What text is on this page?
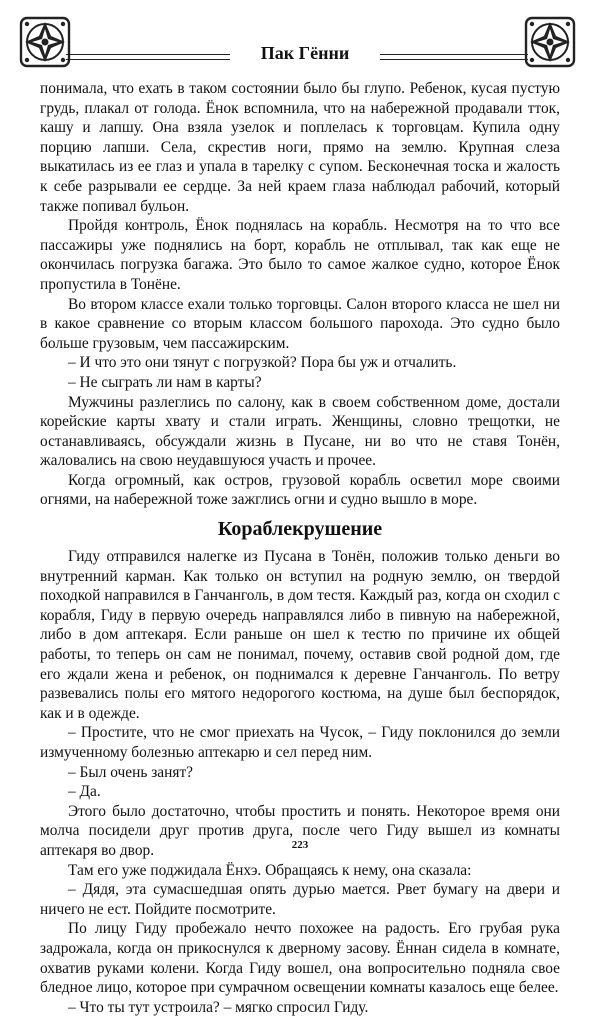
Пак Гённи

понимала, что ехать в таком состоянии было бы глупо. Ребенок, кусая пустую грудь, плакал от голода. Ёнок вспомнила, что на набережной продавали тток, кашу и лапшу. Она взяла узелок и поплелась к торговцам. Купила одну порцию лапши. Села, скрестив ноги, прямо на землю. Крупная слеза выкатилась из ее глаз и упала в тарелку с супом. Бесконечная тоска и жалость к себе разрывали ее сердце. За ней краем глаза наблюдал рабочий, который также попивал бульон.

Пройдя контроль, Ёнок поднялась на корабль. Несмотря на то что все пассажиры уже поднялись на борт, корабль не отплывал, так как еще не окончилась погрузка багажа. Это было то самое жалкое судно, которое Ёнок пропустила в Тонёне.

Во втором классе ехали только торговцы. Салон второго класса не шел ни в какое сравнение со вторым классом большого парохода. Это судно было больше грузовым, чем пассажирским.

– И что это они тянут с погрузкой? Пора бы уж и отчалить.

– Не сыграть ли нам в карты?

Мужчины разлеглись по салону, как в своем собственном доме, достали корейские карты хвату и стали играть. Женщины, словно трещотки, не останавливаясь, обсуждали жизнь в Пусане, ни во что не ставя Тонён, жаловались на свою неудавшуюся участь и прочее.

Когда огромный, как остров, грузовой корабль осветил море своими огнями, на набережной тоже зажглись огни и судно вышло в море.

Кораблекрушение

Гиду отправился налегке из Пусана в Тонён, положив только деньги во внутренний карман. Как только он вступил на родную землю, он твердой походкой направился в Ганчанголь, в дом тестя. Каждый раз, когда он сходил с корабля, Гиду в первую очередь направлялся либо в пивную на набережной, либо в дом аптекаря. Если раньше он шел к тестю по причине их общей работы, то теперь он сам не понимал, почему, оставив свой родной дом, где его ждали жена и ребенок, он поднимался к деревне Ганчанголь. По ветру развевались полы его мятого недорогого костюма, на душе был беспорядок, как и в одежде.

– Простите, что не смог приехать на Чусок, – Гиду поклонился до земли измученному болезнью аптекарю и сел перед ним.

– Был очень занят?

– Да.

Этого было достаточно, чтобы простить и понять. Некоторое время они молча посидели друг против друга, после чего Гиду вышел из комнаты аптекаря во двор.

Там его уже поджидала Ёнхэ. Обращаясь к нему, она сказала:

– Дядя, эта сумасшедшая опять дурью мается. Рвет бумагу на двери и ничего не ест. Пойдите посмотрите.

По лицу Гиду пробежало нечто похожее на радость. Его грубая рука задрожала, когда он прикоснулся к дверному засову. Ённан сидела в комнате, охватив руками колени. Когда Гиду вошел, она вопросительно подняла свое бледное лицо, которое при сумрачном освещении комнаты казалось еще белее.

– Что ты тут устроила? – мягко спросил Гиду.

223
